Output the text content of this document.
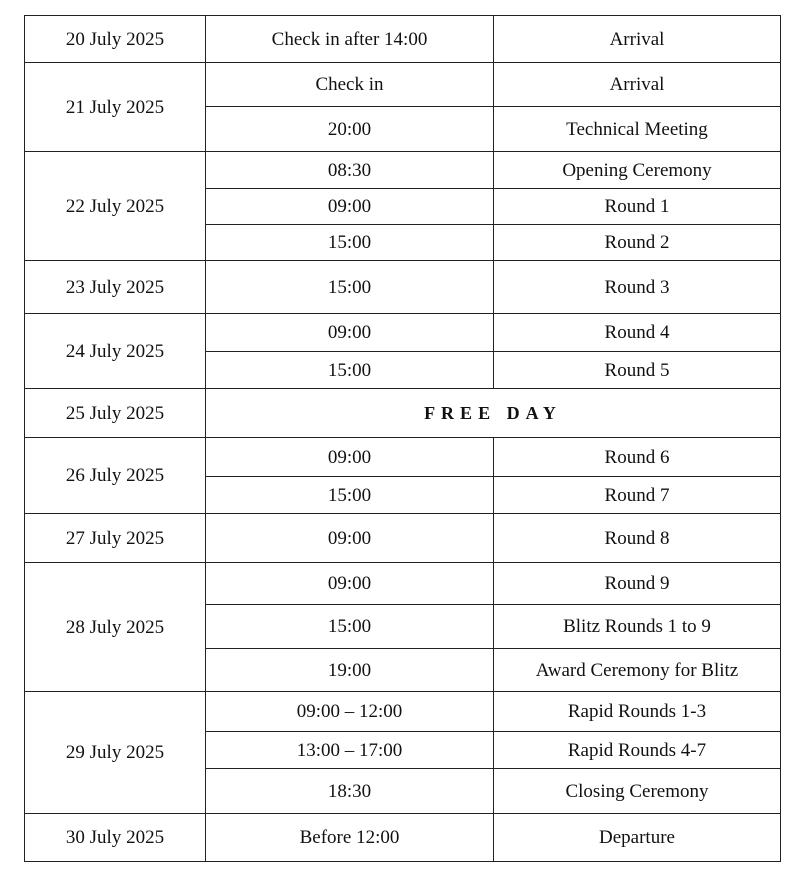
20 July 2025	Check in after 14:00	Arrival
21 July 2025	Check in	Arrival
	20:00	Technical Meeting
22 July 2025	08:30	Opening Ceremony
	09:00	Round 1
	15:00	Round 2
23 July 2025	15:00	Round 3
24 July 2025	09:00	Round 4
	15:00	Round 5
25 July 2025	FREE DAY	
26 July 2025	09:00	Round 6
	15:00	Round 7
27 July 2025	09:00	Round 8
28 July 2025	09:00	Round 9
	15:00	Blitz Rounds 1 to 9
	19:00	Award Ceremony for Blitz
29 July 2025	09:00 – 12:00	Rapid Rounds 1-3
	13:00 – 17:00	Rapid Rounds 4-7
	18:30	Closing Ceremony
30 July 2025	Before 12:00	Departure
